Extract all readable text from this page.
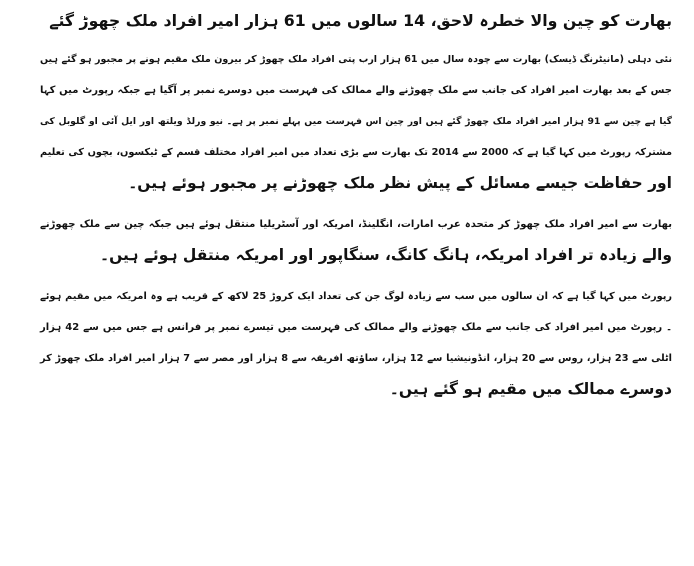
بھارت کو چین والا خطرہ لاحق، 14 سالوں میں 61 ہزار امیر افراد ملک چھوڑ گئے
نئی دہلی (مانیٹرنگ ڈیسک) بھارت سے چودہ سال میں 61 ہزار ارب پتی افراد ملک چھوڑ کر بیرون ملک مقیم ہونے پر مجبور ہو گئے ہیں
جس کے بعد بھارت امیر افراد کی جانب سے ملک چھوڑنے والے ممالک کی فہرست میں دوسرے نمبر پر آگیا ہے جبکہ رپورٹ میں کہا
گیا ہے چین سے 91 ہزار امیر افراد ملک چھوڑ گئے ہیں اور چین اس فہرست میں پہلے نمبر پر ہے۔ نیو ورلڈ ویلتھ اور ایل آئی او گلوبل کی
مشترکہ رپورٹ میں کہا گیا ہے کہ 2000 سے 2014 تک بھارت سے بڑی تعداد میں امیر افراد مختلف قسم کے ٹیکسوں، بچوں کی تعلیم
اور حفاظت جیسے مسائل کے پیش نظر ملک چھوڑنے پر مجبور ہوئے ہیں۔
بھارت سے امیر افراد ملک چھوڑ کر متحدہ عرب امارات، انگلینڈ، امریکہ اور آسٹریلیا منتقل ہوئے ہیں جبکہ چین سے ملک چھوڑنے
والے زیادہ تر افراد امریکہ، ہانگ کانگ، سنگاپور اور امریکہ منتقل ہوئے ہیں۔
رپورٹ میں کہا گیا ہے کہ ان سالوں میں سب سے زیادہ لوگ جن کی تعداد ایک کروڑ 25 لاکھ کے قریب ہے وہ امریکہ میں مقیم ہوئے
۔ رپورٹ میں امیر افراد کی جانب سے ملک چھوڑنے والے ممالک کی فہرست میں تیسرے نمبر پر فرانس ہے جس میں سے 42 ہزار
اٹلی سے 23 ہزار، روس سے 20 ہزار، انڈونیشیا سے 12 ہزار، ساؤتھ افریقہ سے 8 ہزار اور مصر سے 7 ہزار امیر افراد ملک چھوڑ کر
دوسرے ممالک میں مقیم ہو گئے ہیں۔
